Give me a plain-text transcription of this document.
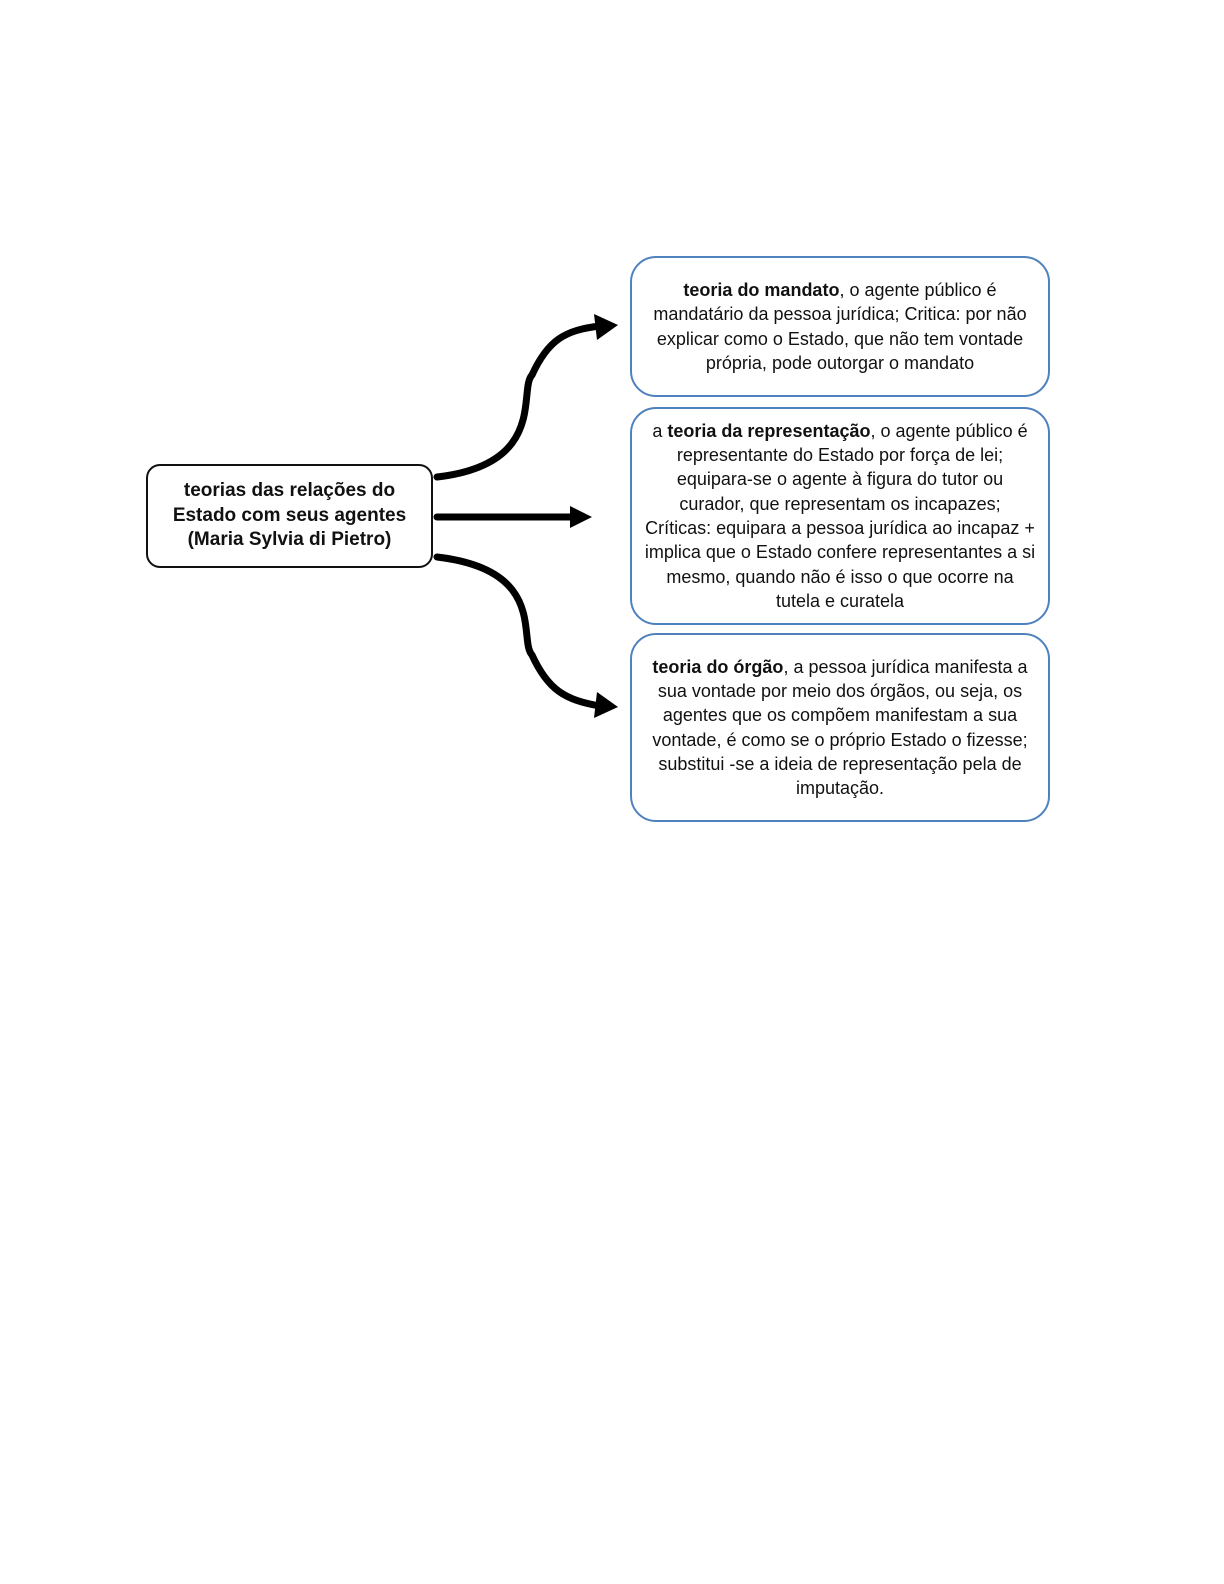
teorias das relações do Estado com seus agentes (Maria Sylvia di Pietro)
teoria do mandato, o agente público é mandatário da pessoa jurídica; Critica: por não explicar como o Estado, que não tem vontade própria, pode outorgar o mandato
a teoria da representação, o agente público é representante do Estado por força de lei; equipara-se o agente à figura do tutor ou curador, que representam os incapazes; Críticas: equipara a pessoa jurídica ao incapaz + implica que o Estado confere representantes a si mesmo, quando não é isso o que ocorre na tutela e curatela
teoria do órgão, a pessoa jurídica manifesta a sua vontade por meio dos órgãos, ou seja, os agentes que os compõem manifestam a sua vontade, é como se o próprio Estado o fizesse; substitui -se a ideia de representação pela de imputação.
